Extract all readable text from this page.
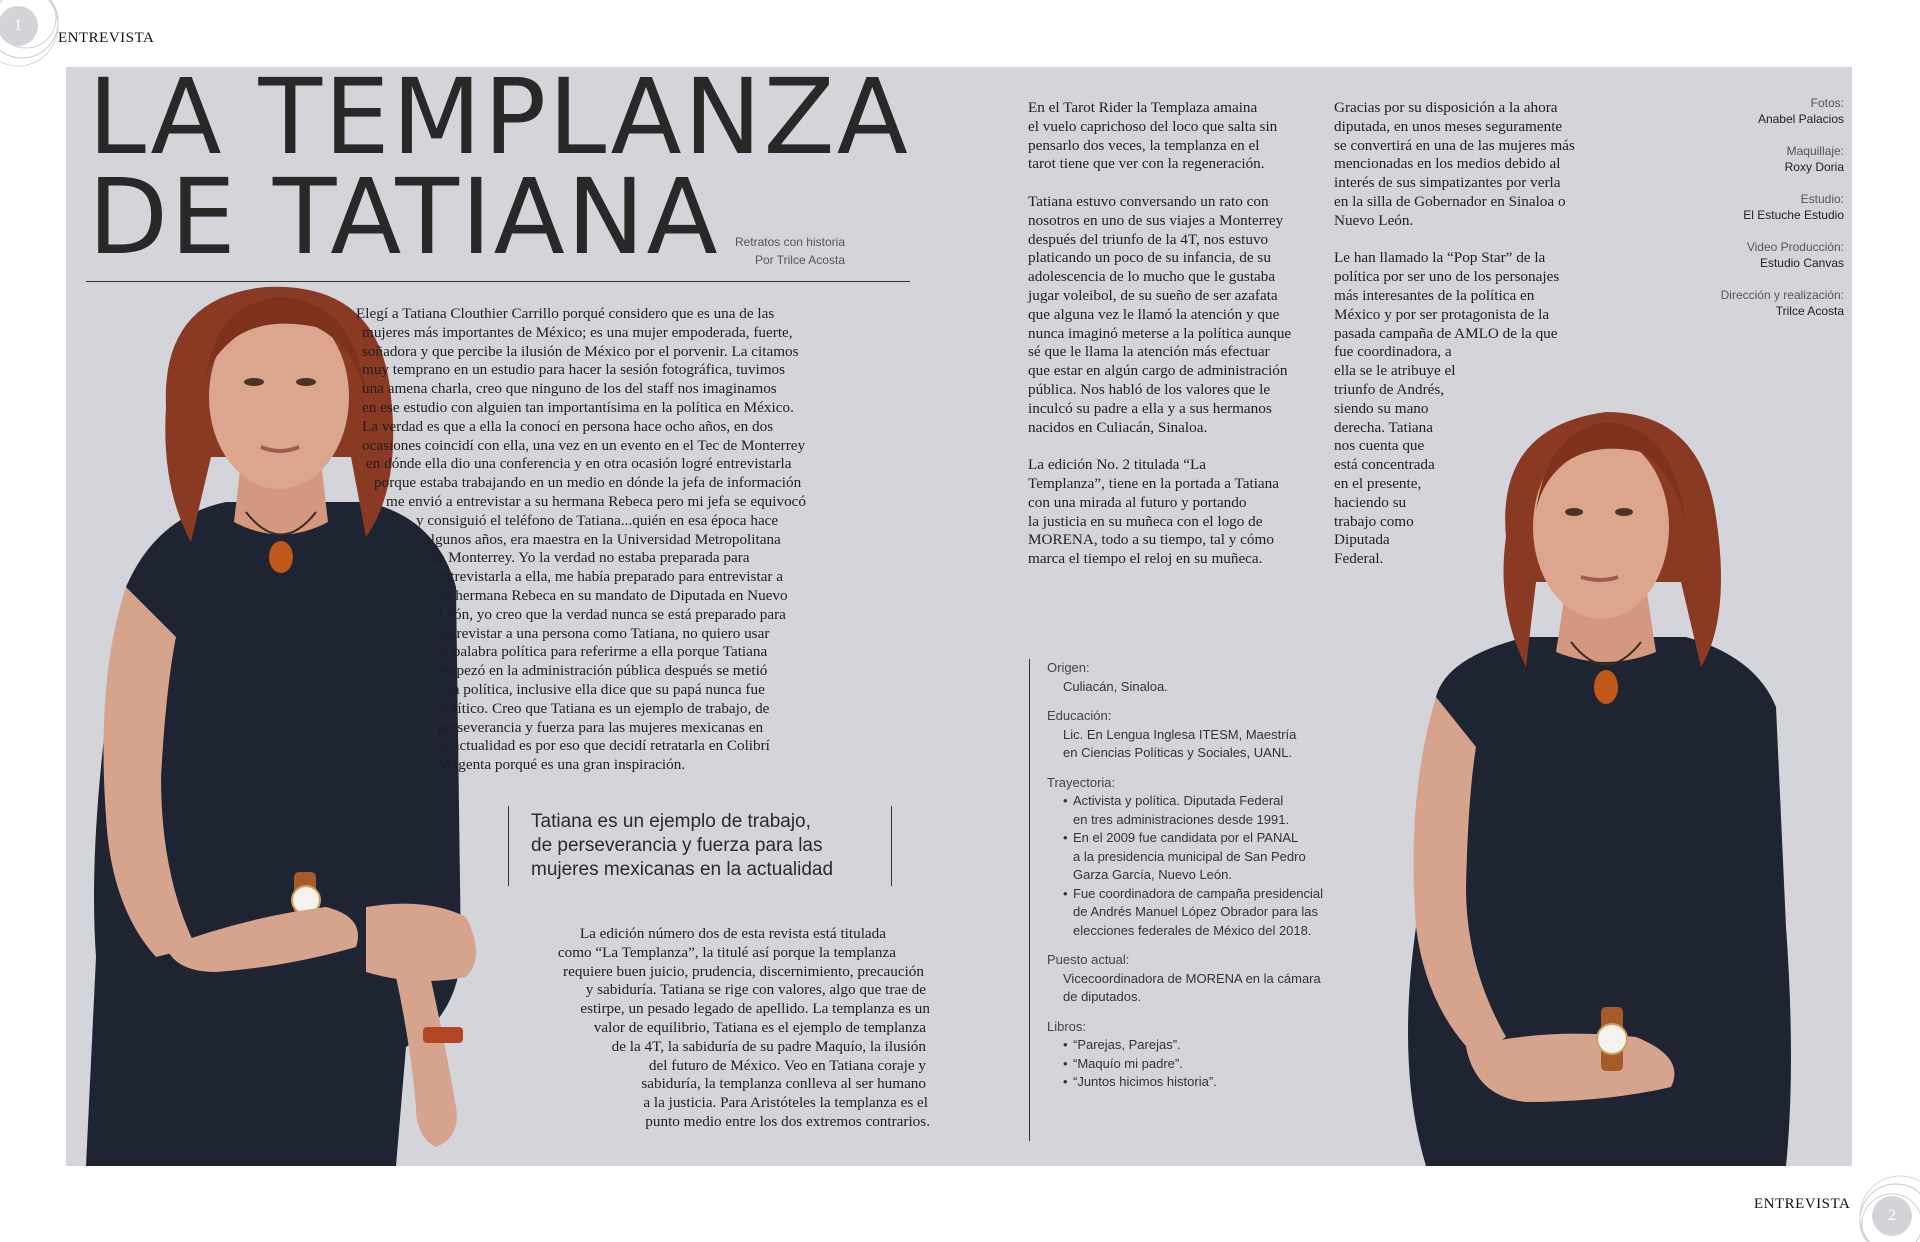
1
ENTREVISTA
2
ENTREVISTA
LA TEMPLANZA
DE TATIANA	Retratos con historia
Por Trilce Acosta
Elegí a Tatiana Clouthier Carrillo porqué considero que es una de las
mujeres más importantes de México; es una mujer empoderada, fuerte,
soñadora y que percibe la ilusión de México por el porvenir. La citamos
muy temprano en un estudio para hacer la sesión fotográfica, tuvimos
una amena charla, creo que ninguno de los del staff nos imaginamos
en ese estudio con alguien tan importantísima en la política en México.
La verdad es que a ella la conocí en persona hace ocho años, en dos
ocasiones coincidí con ella, una vez en un evento en el Tec de Monterrey
en dónde ella dio una conferencia y en otra ocasión logré entrevistarla
porque estaba trabajando en un medio en dónde la jefa de información
me envió a entrevistar a su hermana Rebeca pero mi jefa se equivocó
y consiguió el teléfono de Tatiana...quién en esa época hace
algunos años, era maestra en la Universidad Metropolitana
de Monterrey. Yo la verdad no estaba preparada para
entrevistarla a ella, me había preparado para entrevistar a
su hermana Rebeca en su mandato de Diputada en Nuevo
León, yo creo que la verdad nunca se está preparado para
entrevistar a una persona como Tatiana, no quiero usar
la palabra política para referirme a ella porque Tatiana
empezó en la administración pública después se metió
a la política, inclusive ella dice que su papá nunca fue
político. Creo que Tatiana es un ejemplo de trabajo, de
perseverancia y fuerza para las mujeres mexicanas en
la actualidad es por eso que decidí retratarla en Colibrí
Magenta porqué es una gran inspiración.
Tatiana es un ejemplo de trabajo,
de perseverancia y fuerza para las
mujeres mexicanas en la actualidad
La edición número dos de esta revista está titulada
como “La Templanza”, la titulé así porque la templanza
requiere buen juicio, prudencia, discernimiento, precaución
y sabiduría. Tatiana se rige con valores, algo que trae de
estirpe, un pesado legado de apellido. La templanza es un
valor de equilibrio, Tatiana es el ejemplo de templanza
de la 4T, la sabiduría de su padre Maquío, la ilusión
del futuro de México. Veo en Tatiana coraje y
sabiduría, la templanza conlleva al ser humano
a la justicia. Para Aristóteles la templanza es el
punto medio entre los dos extremos contrarios.
En el Tarot Rider la Templaza amaina
el vuelo caprichoso del loco que salta sin
pensarlo dos veces, la templanza en el
tarot tiene que ver con la regeneración.
Tatiana estuvo conversando un rato con
nosotros en uno de sus viajes a Monterrey
después del triunfo de la 4T, nos estuvo
platicando un poco de su infancia, de su
adolescencia de lo mucho que le gustaba
jugar voleibol, de su sueño de ser azafata
que alguna vez le llamó la atención y que
nunca imaginó meterse a la política aunque
sé que le llama la atención más efectuar
que estar en algún cargo de administración
pública. Nos habló de los valores que le
inculcó su padre a ella y a sus hermanos
nacidos en Culiacán, Sinaloa.
La edición No. 2 titulada “La
Templanza”, tiene en la portada a Tatiana
con una mirada al futuro y portando
la justicia en su muñeca con el logo de
MORENA, todo a su tiempo, tal y cómo
marca el tiempo el reloj en su muñeca.
Gracias por su disposición a la ahora
diputada, en unos meses seguramente
se convertirá en una de las mujeres más
mencionadas en los medios debido al
interés de sus simpatizantes por verla
en la silla de Gobernador en Sinaloa o
Nuevo León.
Le han llamado la “Pop Star” de la
política por ser uno de los personajes
más interesantes de la política en
México y por ser protagonista de la
pasada campaña de AMLO de la que
fue coordinadora, a
ella se le atribuye el
triunfo de Andrés,
siendo su mano
derecha. Tatiana
nos cuenta que
está concentrada
en el presente,
haciendo su
trabajo como
Diputada
Federal.
Fotos:
Anabel Palacios
Maquillaje:
Roxy Doria
Estudio:
El Estuche Estudio
Video Producción:
Estudio Canvas
Dirección y realización:
Trilce Acosta
Origen:
Culiacán, Sinaloa.
Educación:
Lic. En Lengua Inglesa ITESM, Maestría
en Ciencias Políticas y Sociales, UANL.
Trayectoria:
• Activista y política. Diputada Federal
en tres administraciones desde 1991.
• En el 2009 fue candidata por el PANAL
a la presidencia municipal de San Pedro
Garza García, Nuevo León.
• Fue coordinadora de campaña presidencial
de Andrés Manuel López Obrador para las
elecciones federales de México del 2018.
Puesto actual:
Vicecoordinadora de MORENA en la cámara
de diputados.
Libros:
• “Parejas, Parejas”.
• “Maquío mi padre”.
• “Juntos hicimos historia”.
